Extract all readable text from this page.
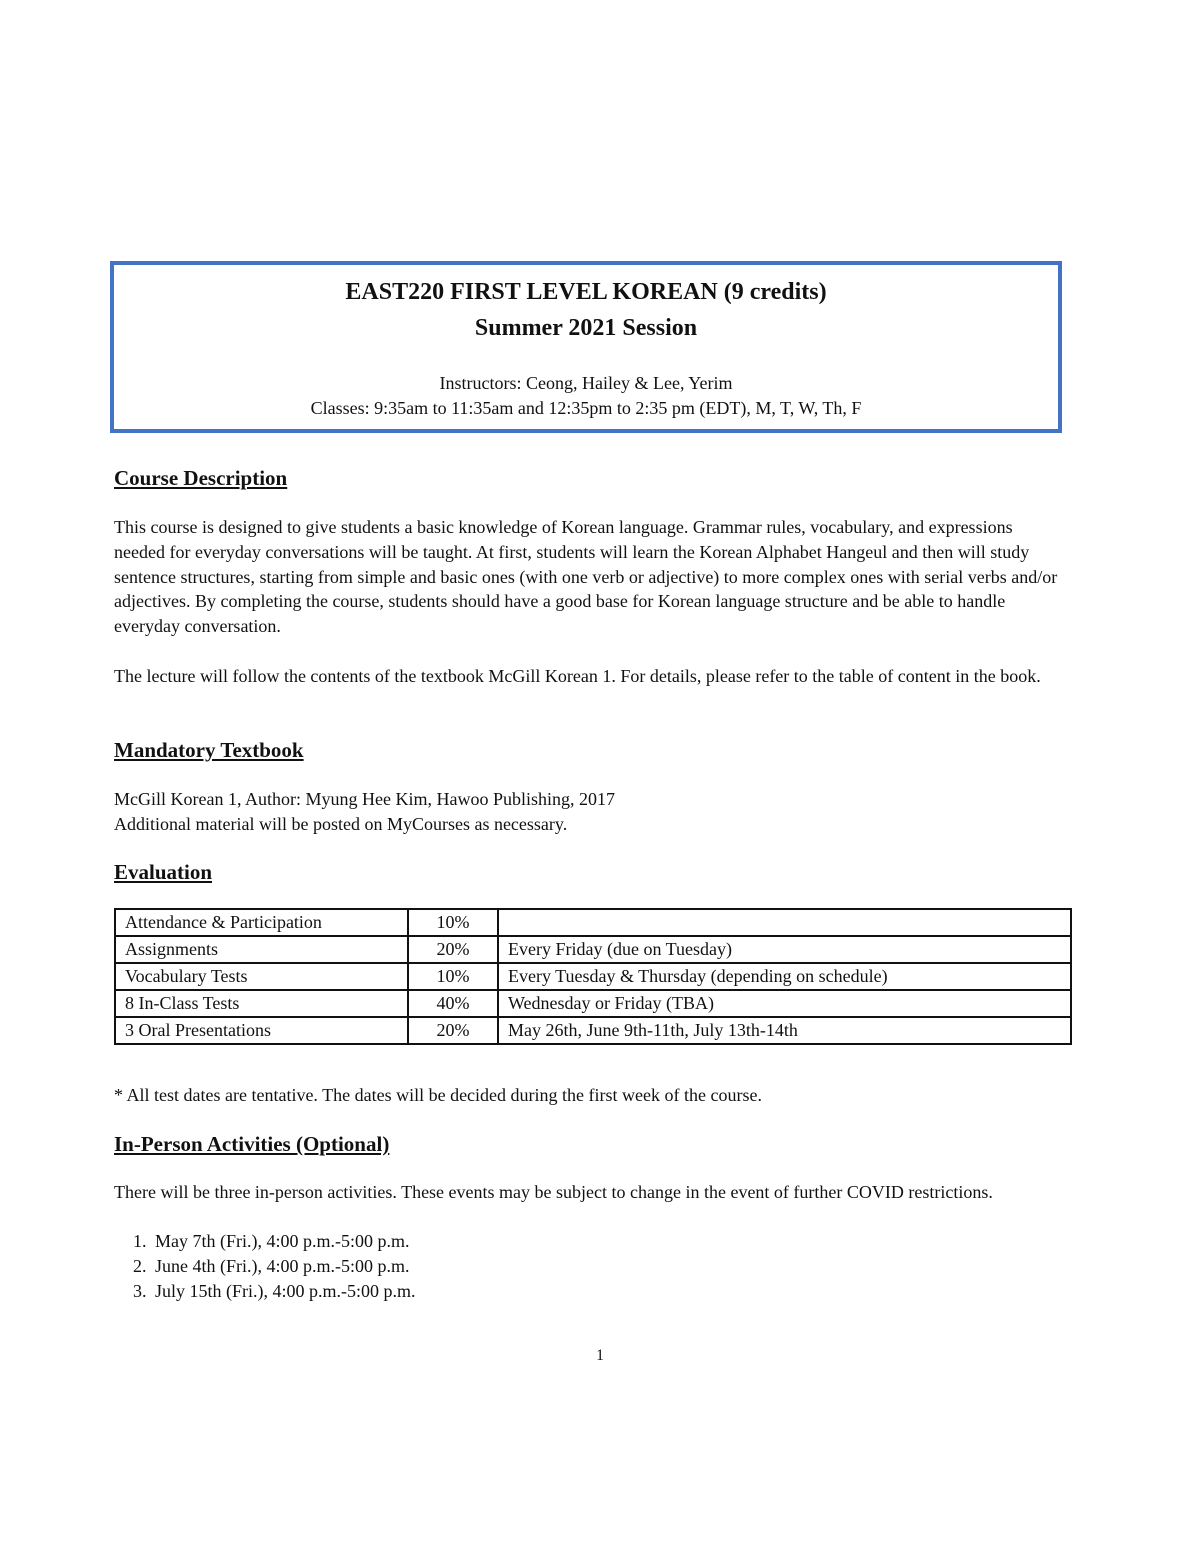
EAST220 FIRST LEVEL KOREAN (9 credits)
Summer 2021 Session
Instructors: Ceong, Hailey & Lee, Yerim
Classes: 9:35am to 11:35am and 12:35pm to 2:35 pm (EDT), M, T, W, Th, F
Course Description

This course is designed to give students a basic knowledge of Korean language. Grammar rules, vocabulary, and expressions needed for everyday conversations will be taught. At first, students will learn the Korean Alphabet Hangeul and then will study sentence structures, starting from simple and basic ones (with one verb or adjective) to more complex ones with serial verbs and/or adjectives. By completing the course, students should have a good base for Korean language structure and be able to handle everyday conversation.

The lecture will follow the contents of the textbook McGill Korean 1. For details, please refer to the table of content in the book.

Mandatory Textbook

McGill Korean 1, Author: Myung Hee Kim, Hawoo Publishing, 2017

Additional material will be posted on MyCourses as necessary.

Evaluation
Attendance & Participation	10%	
Assignments	20%	Every Friday (due on Tuesday)
Vocabulary Tests	10%	Every Tuesday & Thursday (depending on schedule)
8 In-Class Tests	40%	Wednesday or Friday (TBA)
3 Oral Presentations	20%	May 26th, June 9th-11th, July 13th-14th

* All test dates are tentative. The dates will be decided during the first week of the course.

In-Person Activities (Optional)

There will be three in-person activities. These events may be subject to change in the event of further COVID restrictions.

1. May 7th (Fri.), 4:00 p.m.-5:00 p.m.
2. June 4th (Fri.), 4:00 p.m.-5:00 p.m.
3. July 15th (Fri.), 4:00 p.m.-5:00 p.m.
1
